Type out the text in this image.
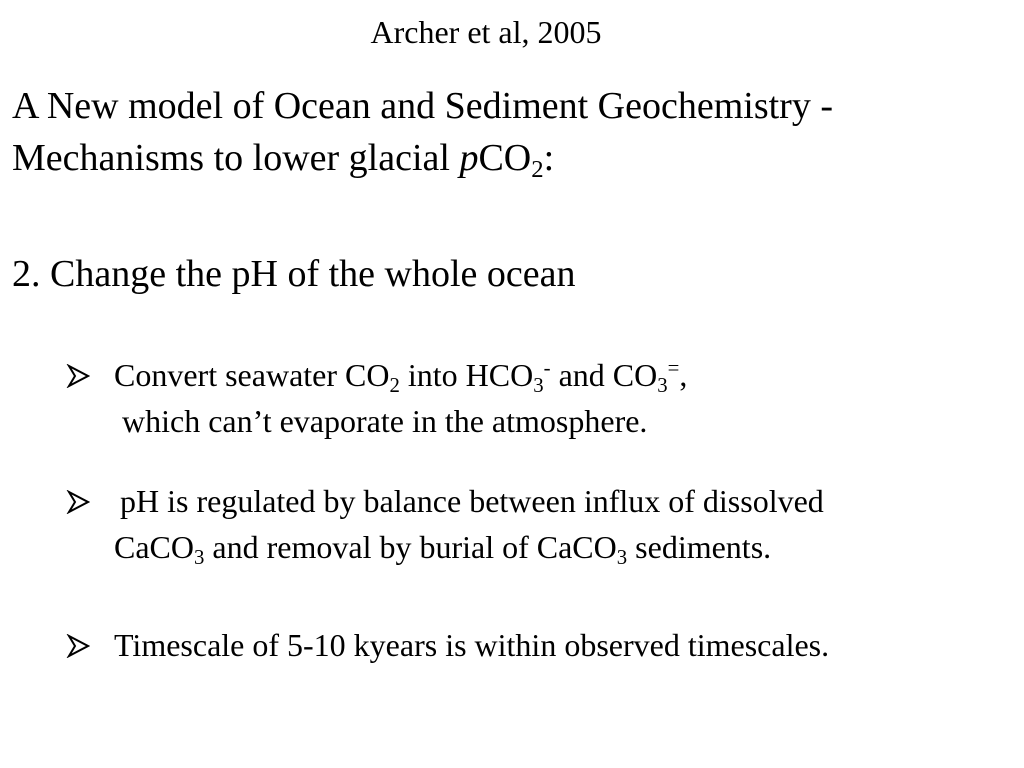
Archer et al, 2005
A New model of Ocean and Sediment Geochemistry -
Mechanisms to lower glacial pCO$_2$:
2. Change the pH of the whole ocean
Convert seawater $CO_2$ into $HCO_3^-$ and $CO_3^=$,
which can’t evaporate in the atmosphere.
pH is regulated by balance between influx of dissolved
CaCO$_3$ and removal by burial of CaCO$_3$ sediments.
Timescale of 5-10 kyears is within observed timescales.
